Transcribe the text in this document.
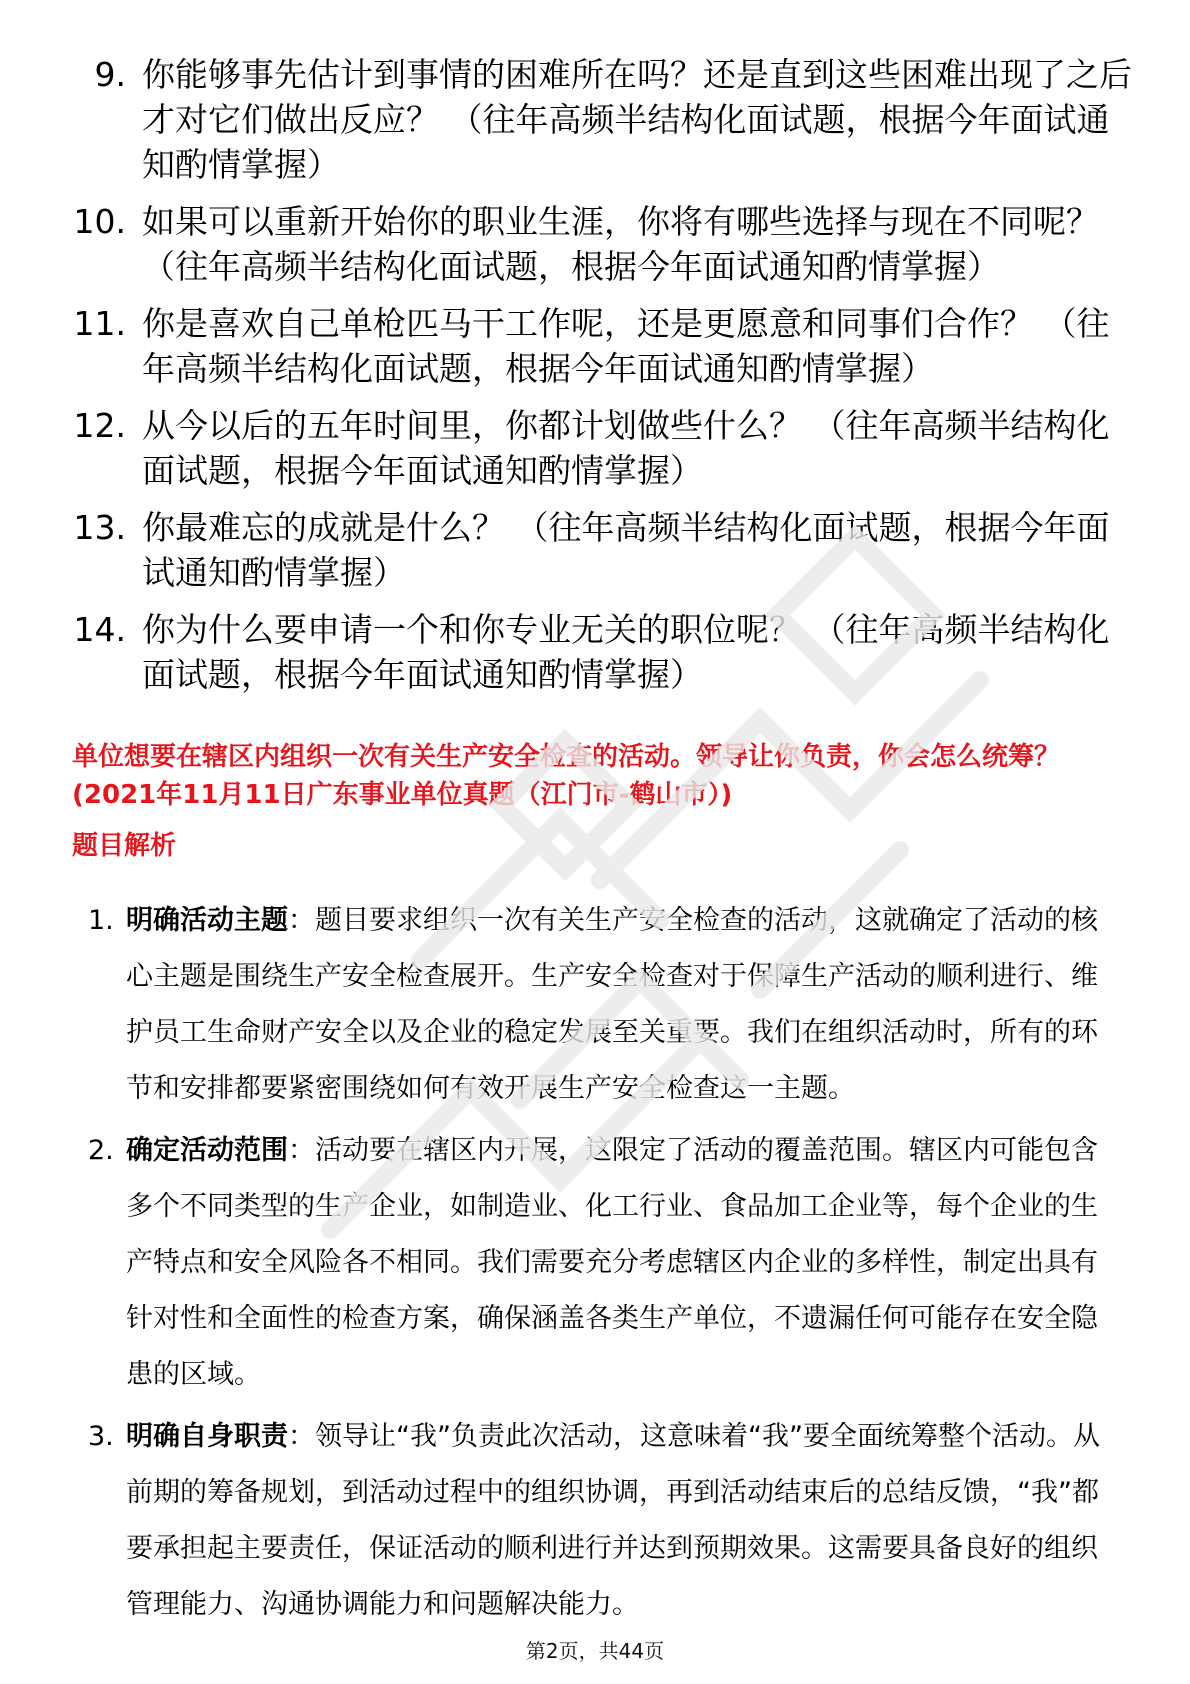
9. 你能够事先估计到事情的困难所在吗？还是直到这些困难出现了之后才对它们做出反应？ （往年高频半结构化面试题，根据今年面试通知酌情掌握）
10. 如果可以重新开始你的职业生涯，你将有哪些选择与现在不同呢？ （往年高频半结构化面试题，根据今年面试通知酌情掌握）
11. 你是喜欢自己单枪匹马干工作呢，还是更愿意和同事们合作？ （往年高频半结构化面试题，根据今年面试通知酌情掌握）
12. 从今以后的五年时间里，你都计划做些什么？ （往年高频半结构化面试题，根据今年面试通知酌情掌握）
13. 你最难忘的成就是什么？ （往年高频半结构化面试题，根据今年面试通知酌情掌握）
14. 你为什么要申请一个和你专业无关的职位呢？ （往年高频半结构化面试题，根据今年面试通知酌情掌握）
单位想要在辖区内组织一次有关生产安全检查的活动。领导让你负责，你会怎么统筹？(2021年11月11日广东事业单位真题（江门市-鹤山市）)
题目解析
1. 明确活动主题：题目要求组织一次有关生产安全检查的活动，这就确定了活动的核心主题是围绕生产安全检查展开。生产安全检查对于保障生产活动的顺利进行、维护员工生命财产安全以及企业的稳定发展至关重要。我们在组织活动时，所有的环节和安排都要紧密围绕如何有效开展生产安全检查这一主题。
2. 确定活动范围：活动要在辖区内开展，这限定了活动的覆盖范围。辖区内可能包含多个不同类型的生产企业，如制造业、化工行业、食品加工企业等，每个企业的生产特点和安全风险各不相同。我们需要充分考虑辖区内企业的多样性，制定出具有针对性和全面性的检查方案，确保涵盖各类生产单位，不遗漏任何可能存在安全隐患的区域。
3. 明确自身职责：领导让“我”负责此次活动，这意味着“我”要全面统筹整个活动。从前期的筹备规划，到活动过程中的组织协调，再到活动结束后的总结反馈，“我”都要承担起主要责任，保证活动的顺利进行并达到预期效果。这需要具备良好的组织管理能力、沟通协调能力和问题解决能力。
第2页，共44页
